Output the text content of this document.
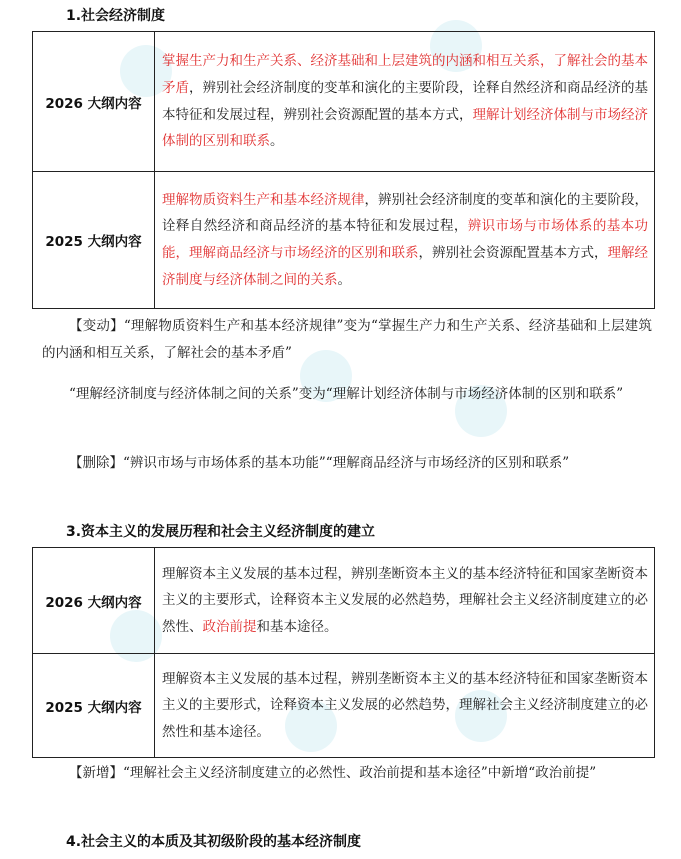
1.社会经济制度
2026 大纲内容	掌握生产力和生产关系、经济基础和上层建筑的内涵和相互关系，了解社会的基本矛盾，辨别社会经济制度的变革和演化的主要阶段，诠释自然经济和商品经济的基本特征和发展过程，辨别社会资源配置的基本方式，理解计划经济体制与市场经济体制的区别和联系。
2025 大纲内容	理解物质资料生产和基本经济规律，辨别社会经济制度的变革和演化的主要阶段，诠释自然经济和商品经济的基本特征和发展过程，辨识市场与市场体系的基本功能，理解商品经济与市场经济的区别和联系，辨别社会资源配置基本方式，理解经济制度与经济体制之间的关系。
【变动】“理解物质资料生产和基本经济规律”变为“掌握生产力和生产关系、经济基础和上层建筑的内涵和相互关系，了解社会的基本矛盾”
“理解经济制度与经济体制之间的关系”变为“理解计划经济体制与市场经济体制的区别和联系”
【删除】“辨识市场与市场体系的基本功能”“理解商品经济与市场经济的区别和联系”
3.资本主义的发展历程和社会主义经济制度的建立
2026 大纲内容	理解资本主义发展的基本过程，辨别垄断资本主义的基本经济特征和国家垄断资本主义的主要形式，诠释资本主义发展的必然趋势，理解社会主义经济制度建立的必然性、政治前提和基本途径。
2025 大纲内容	理解资本主义发展的基本过程，辨别垄断资本主义的基本经济特征和国家垄断资本主义的主要形式，诠释资本主义发展的必然趋势，理解社会主义经济制度建立的必然性和基本途径。
【新增】“理解社会主义经济制度建立的必然性、政治前提和基本途径”中新增“政治前提”
4.社会主义的本质及其初级阶段的基本经济制度
